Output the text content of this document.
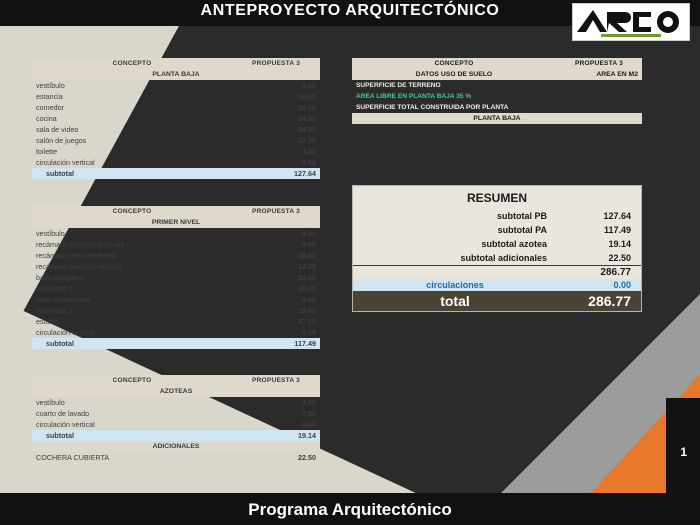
1
ANTEPROYECTO ARQUITECTÓNICO
CONCEPTO	PROPUESTA 3
PLANTA BAJA	
vestíbulo	4.00
estancia	16.00
comedor	20.00
cocina	24.00
sala de video	24.00
salón de juegos	27.00
toilette	4.00
circulación vertical	8.64
subtotal	127.64
CONCEPTO	PROPUESTA 3
PRIMER NIVEL	
vestíbulo	4.00
recámara principal antesala	8.00
recámara principal dormir	18.00
recámara principal vestidor	12.25
baño completo	10.00
recámara 2	15.75
baño compartido	8.00
recámara 3	15.75
estudio	17.10
circulación vertical	8.64
subtotal	117.49
CONCEPTO	PROPUESTA 3
AZOTEAS	
vestíbulo	3.00
cuarto de lavado	7.50
circulación vertical	8.64
subtotal	19.14
ADICIONALES	
COCHERA CUBIERTA	22.50
CONCEPTO	PROPUESTA 3
DATOS USO DE SUELO	AREA EN M2
SUPERFICIE DE TERRENO	
AREA LIBRE EN PLANTA BAJA 35 %	
SUPERFICIE TOTAL CONSTRUIDA POR PLANTA	
PLANTA BAJA	
RESUMEN
subtotal PB	127.64
subtotal PA	117.49
subtotal azotea	19.14
subtotal adicionales	22.50
	286.77
circulaciones	0.00
total	286.77
Programa Arquitectónico
